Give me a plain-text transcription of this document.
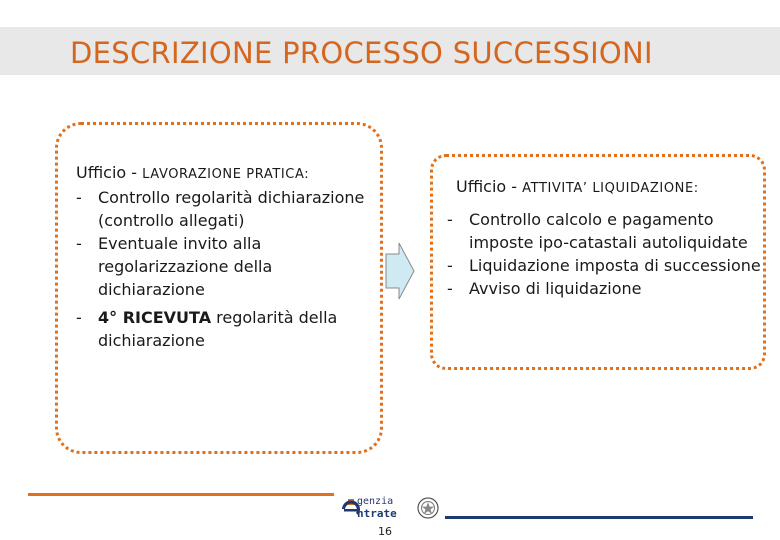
DESCRIZIONE PROCESSO SUCCESSIONI
Ufficio - LAVORAZIONE PRATICA:
- Controllo regolarità dichiarazione (controllo allegati)
- Eventuale invito alla regolarizzazione della dichiarazione
- 4° RICEVUTA regolarità della dichiarazione
Ufficio - ATTIVITA’ LIQUIDAZIONE:
- Controllo calcolo e pagamento imposte ipo-catastali autoliquidate
- Liquidazione imposta di successione
- Avviso di liquidazione
genzia
ntrate
16
